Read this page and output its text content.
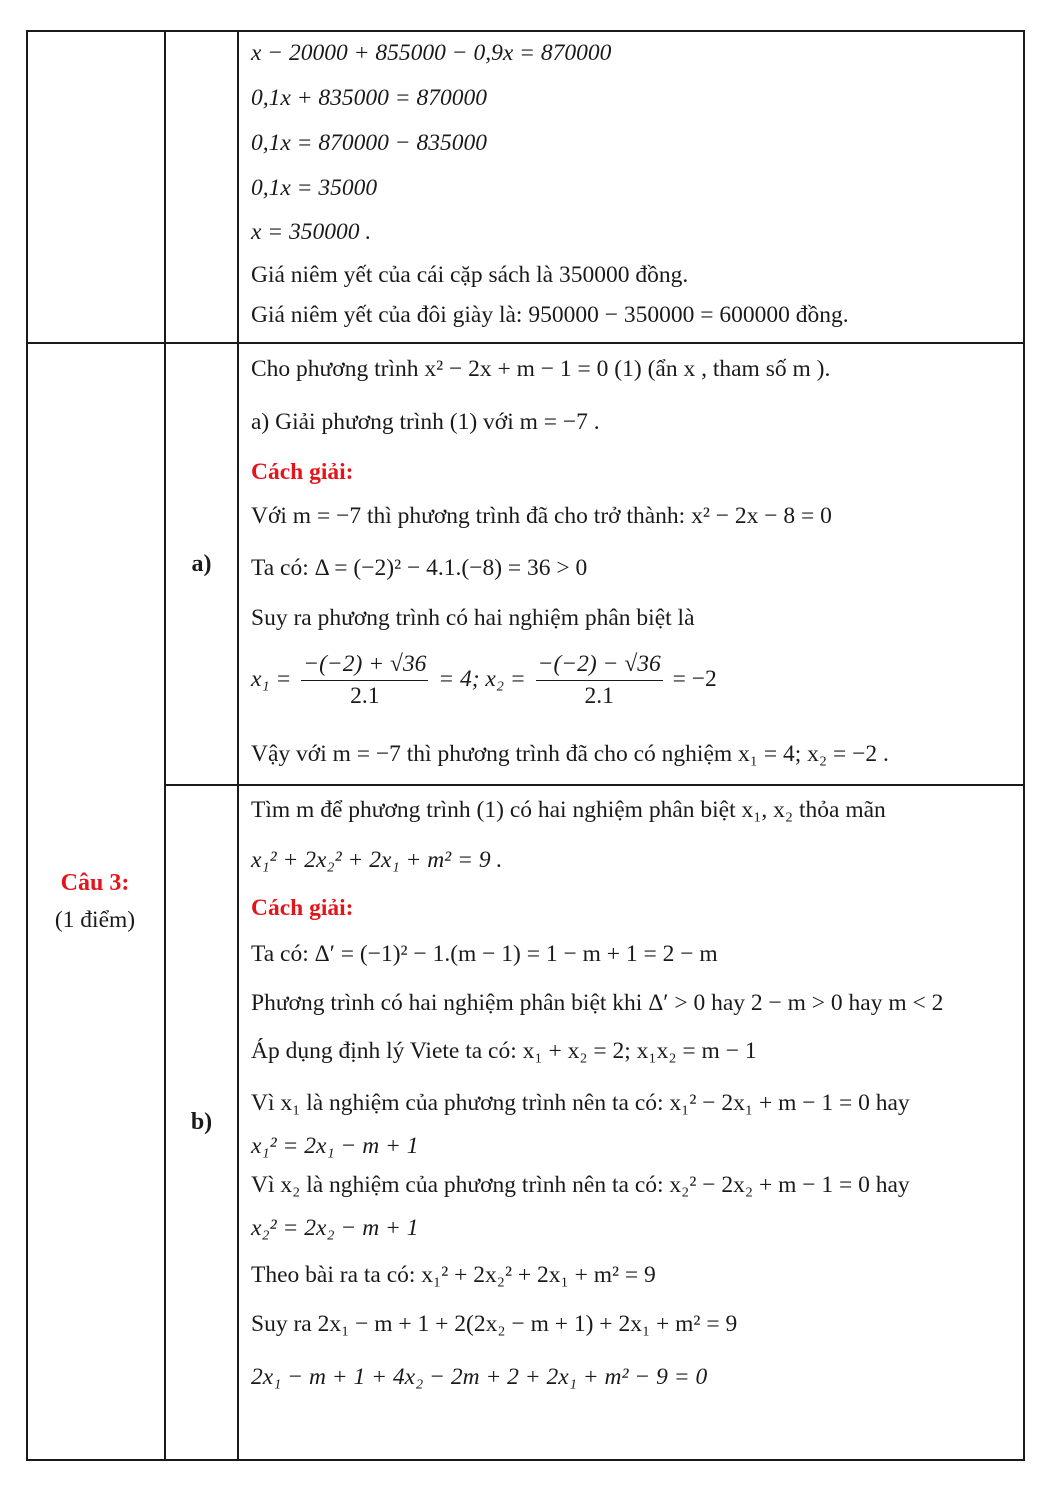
x − 20000 + 855000 − 0,9x = 870000
0,1x + 835000 = 870000
0,1x = 870000 − 835000
0,1x = 35000
x = 350000 .
Giá niêm yết của cái cặp sách là 350000 đồng.
Giá niêm yết của đôi giày là: 950000 − 350000 = 600000 đồng.
Câu 3:
(1 điểm)
a)
Cho phương trình x² − 2x + m − 1 = 0 (1) (ẩn x , tham số m ).
a) Giải phương trình (1) với m = −7 .
Cách giải:
Với m = −7 thì phương trình đã cho trở thành: x² − 2x − 8 = 0
Ta có: Δ = (−2)² − 4.1.(−8) = 36 > 0
Suy ra phương trình có hai nghiệm phân biệt là
$x_1 = \frac{-(-2) + √36}{2.1} = 4$; $x_2 = \frac{-(-2) - √36}{2.1} = -2$
Vậy với m = −7 thì phương trình đã cho có nghiệm x₁ = 4; x₂ = −2 .
b)
Tìm m để phương trình (1) có hai nghiệm phân biệt x₁, x₂ thỏa mãn
x₁² + 2x₂² + 2x₁ + m² = 9 .
Cách giải:
Ta có: Δ′ = (−1)² − 1.(m − 1) = 1 − m + 1 = 2 − m
Phương trình có hai nghiệm phân biệt khi Δ′ > 0 hay 2 − m > 0 hay m < 2
Áp dụng định lý Viete ta có: x₁ + x₂ = 2; x₁x₂ = m − 1
Vì x₁ là nghiệm của phương trình nên ta có: x₁² − 2x₁ + m − 1 = 0 hay
x₁² = 2x₁ − m + 1
Vì x₂ là nghiệm của phương trình nên ta có: x₂² − 2x₂ + m − 1 = 0 hay
x₂² = 2x₂ − m + 1
Theo bài ra ta có: x₁² + 2x₂² + 2x₁ + m² = 9
Suy ra 2x₁ − m + 1 + 2(2x₂ − m + 1) + 2x₁ + m² = 9
2x₁ − m + 1 + 4x₂ − 2m + 2 + 2x₁ + m² − 9 = 0
